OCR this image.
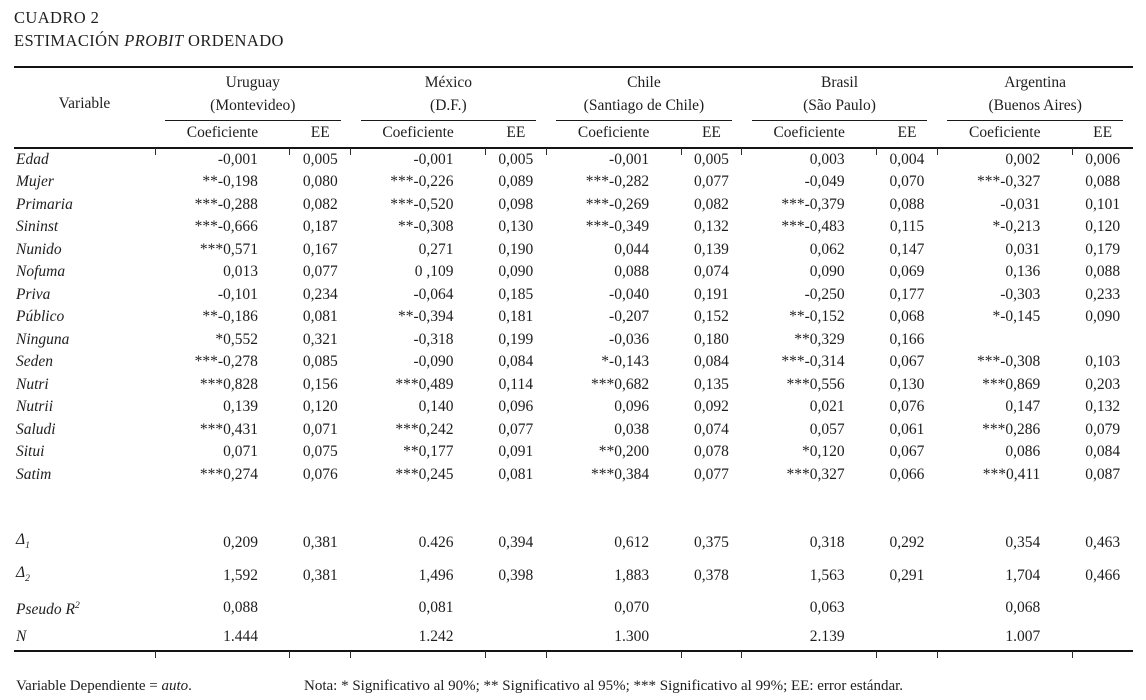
CUADRO 2
ESTIMACIÓN PROBIT ORDENADO
Variable	Uruguay		México		Chile		Brasil		Argentina	

	(Montevideo)		(D.F.)		(Santiago de Chile)		(São Paulo)		(Buenos Aires)	

	Coeficiente	EE	Coeficiente	EE	Coeficiente	EE	Coeficiente	EE	Coeficiente	EE
Edad	-0,001	0,005	-0,001	0,005	-0,001	0,005	0,003	0,004	0,002	0,006
Mujer	**-0,198	0,080	***-0,226	0,089	***-0,282	0,077	-0,049	0,070	***-0,327	0,088
Primaria	***-0,288	0,082	***-0,520	0,098	***-0,269	0,082	***-0,379	0,088	-0,031	0,101
Sininst	***-0,666	0,187	**-0,308	0,130	***-0,349	0,132	***-0,483	0,115	*-0,213	0,120
Nunido	***0,571	0,167	0,271	0,190	0,044	0,139	0,062	0,147	0,031	0,179
Nofuma	0,013	0,077	0 ,109	0,090	0,088	0,074	0,090	0,069	0,136	0,088
Priva	-0,101	0,234	-0,064	0,185	-0,040	0,191	-0,250	0,177	-0,303	0,233
Público	**-0,186	0,081	**-0,394	0,181	-0,207	0,152	**-0,152	0,068	*-0,145	0,090
Ninguna	*0,552	0,321	-0,318	0,199	-0,036	0,180	**0,329	0,166		
Seden	***-0,278	0,085	-0,090	0,084	*-0,143	0,084	***-0,314	0,067	***-0,308	0,103
Nutri	***0,828	0,156	***0,489	0,114	***0,682	0,135	***0,556	0,130	***0,869	0,203
Nutrii	0,139	0,120	0,140	0,096	0,096	0,092	0,021	0,076	0,147	0,132
Saludi	***0,431	0,071	***0,242	0,077	0,038	0,074	0,057	0,061	***0,286	0,079
Situi	0,071	0,075	**0,177	0,091	**0,200	0,078	*0,120	0,067	0,086	0,084
Satim	***0,274	0,076	***0,245	0,081	***0,384	0,077	***0,327	0,066	***0,411	0,087

$\Delta_1$	0,209	0,381	0.426	0,394	0,612	0,375	0,318	0,292	0,354	0,463
$\Delta_2$	1,592	0,381	1,496	0,398	1,883	0,378	1,563	0,291	1,704	0,466
Pseudo $R^2$	0,088		0,081		0,070		0,063		0,068	
N	1.444		1.242		1.300		2.139		1.007	
Variable Dependiente = auto.	Nota: * Significativo al 90%; ** Significativo al 95%; *** Significativo al 99%; EE: error estándar.
